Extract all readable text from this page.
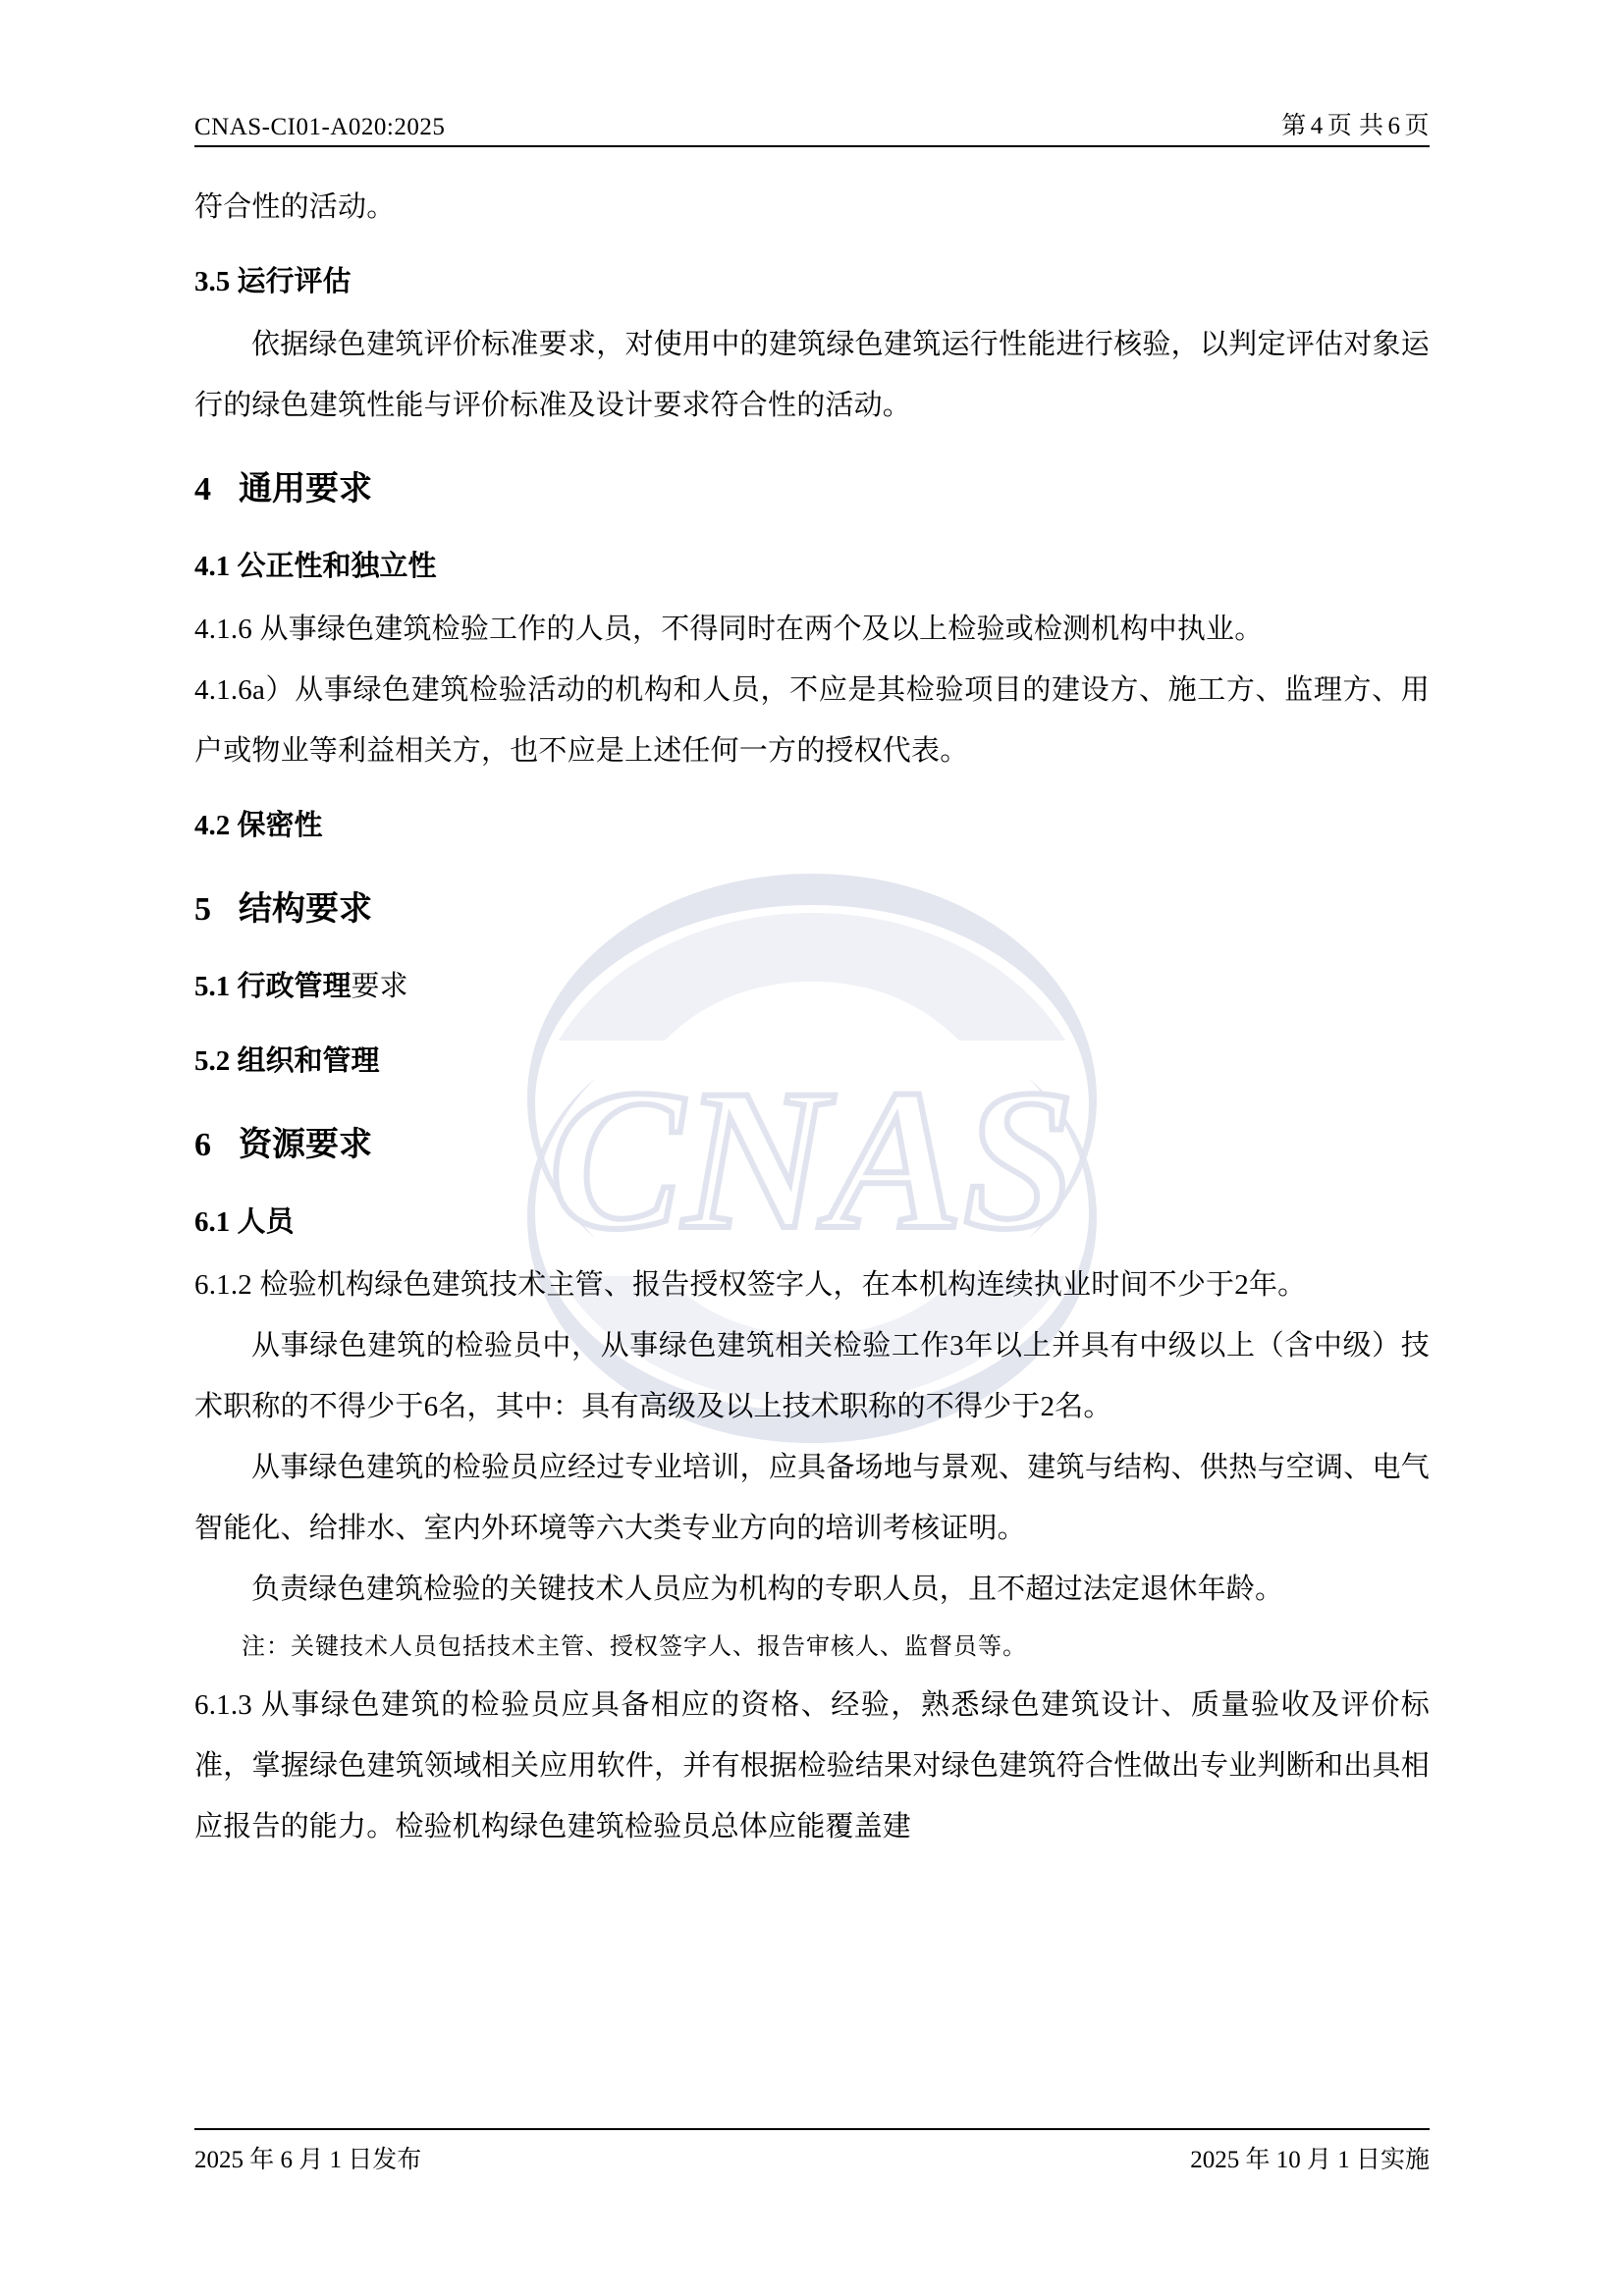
CNAS
CNAS-CI01-A020:2025	第 4 页 共 6 页

符合性的活动。

3.5 运行评估

依据绿色建筑评价标准要求，对使用中的建筑绿色建筑运行性能进行核验，以判定评估对象运行的绿色建筑性能与评价标准及设计要求符合性的活动。

4 通用要求
4.1 公正性和独立性

4.1.6 从事绿色建筑检验工作的人员，不得同时在两个及以上检验或检测机构中执业。

4.1.6a）从事绿色建筑检验活动的机构和人员，不应是其检验项目的建设方、施工方、监理方、用户或物业等利益相关方，也不应是上述任何一方的授权代表。

4.2 保密性
5 结构要求
5.1 行政管理要求
5.2 组织和管理
6 资源要求
6.1 人员

6.1.2 检验机构绿色建筑技术主管、报告授权签字人，在本机构连续执业时间不少于2年。

从事绿色建筑的检验员中，从事绿色建筑相关检验工作3年以上并具有中级以上（含中级）技术职称的不得少于6名，其中：具有高级及以上技术职称的不得少于2名。

从事绿色建筑的检验员应经过专业培训，应具备场地与景观、建筑与结构、供热与空调、电气智能化、给排水、室内外环境等六大类专业方向的培训考核证明。

负责绿色建筑检验的关键技术人员应为机构的专职人员，且不超过法定退休年龄。

注：关键技术人员包括技术主管、授权签字人、报告审核人、监督员等。

6.1.3 从事绿色建筑的检验员应具备相应的资格、经验，熟悉绿色建筑设计、质量验收及评价标准，掌握绿色建筑领域相关应用软件，并有根据检验结果对绿色建筑符合性做出专业判断和出具相应报告的能力。检验机构绿色建筑检验员总体应能覆盖建

2025 年 6 月 1 日发布	2025 年 10 月 1 日实施
